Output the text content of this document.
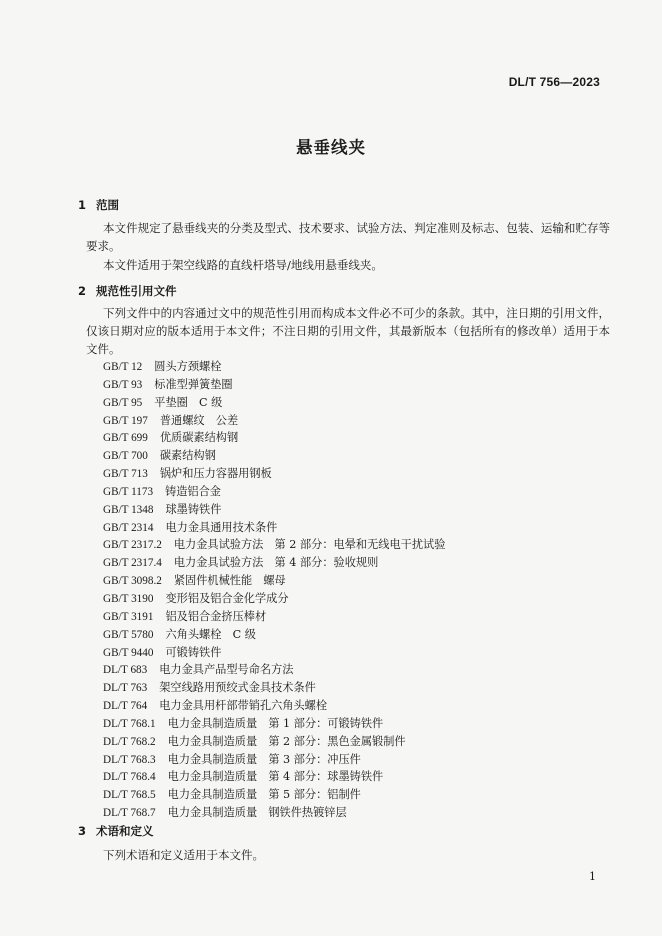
DL/T 756—2023
悬垂线夹
1 范围
本文件规定了悬垂线夹的分类及型式、技术要求、试验方法、判定准则及标志、包装、运输和贮存等要求。
本文件适用于架空线路的直线杆塔导/地线用悬垂线夹。
2 规范性引用文件
下列文件中的内容通过文中的规范性引用而构成本文件必不可少的条款。其中，注日期的引用文件，仅该日期对应的版本适用于本文件；不注日期的引用文件，其最新版本（包括所有的修改单）适用于本文件。
GB/T 12 圆头方颈螺栓
GB/T 93 标准型弹簧垫圈
GB/T 95 平垫圈　C 级
GB/T 197 普通螺纹　公差
GB/T 699 优质碳素结构钢
GB/T 700 碳素结构钢
GB/T 713 锅炉和压力容器用钢板
GB/T 1173 铸造铝合金
GB/T 1348 球墨铸铁件
GB/T 2314 电力金具通用技术条件
GB/T 2317.2 电力金具试验方法　第 2 部分：电晕和无线电干扰试验
GB/T 2317.4 电力金具试验方法　第 4 部分：验收规则
GB/T 3098.2 紧固件机械性能　螺母
GB/T 3190 变形铝及铝合金化学成分
GB/T 3191 铝及铝合金挤压棒材
GB/T 5780 六角头螺栓　C 级
GB/T 9440 可锻铸铁件
DL/T 683 电力金具产品型号命名方法
DL/T 763 架空线路用预绞式金具技术条件
DL/T 764 电力金具用杆部带销孔六角头螺栓
DL/T 768.1 电力金具制造质量　第 1 部分：可锻铸铁件
DL/T 768.2 电力金具制造质量　第 2 部分：黑色金属锻制件
DL/T 768.3 电力金具制造质量　第 3 部分：冲压件
DL/T 768.4 电力金具制造质量　第 4 部分：球墨铸铁件
DL/T 768.5 电力金具制造质量　第 5 部分：铝制件
DL/T 768.7 电力金具制造质量　钢铁件热镀锌层
3 术语和定义
下列术语和定义适用于本文件。
1
